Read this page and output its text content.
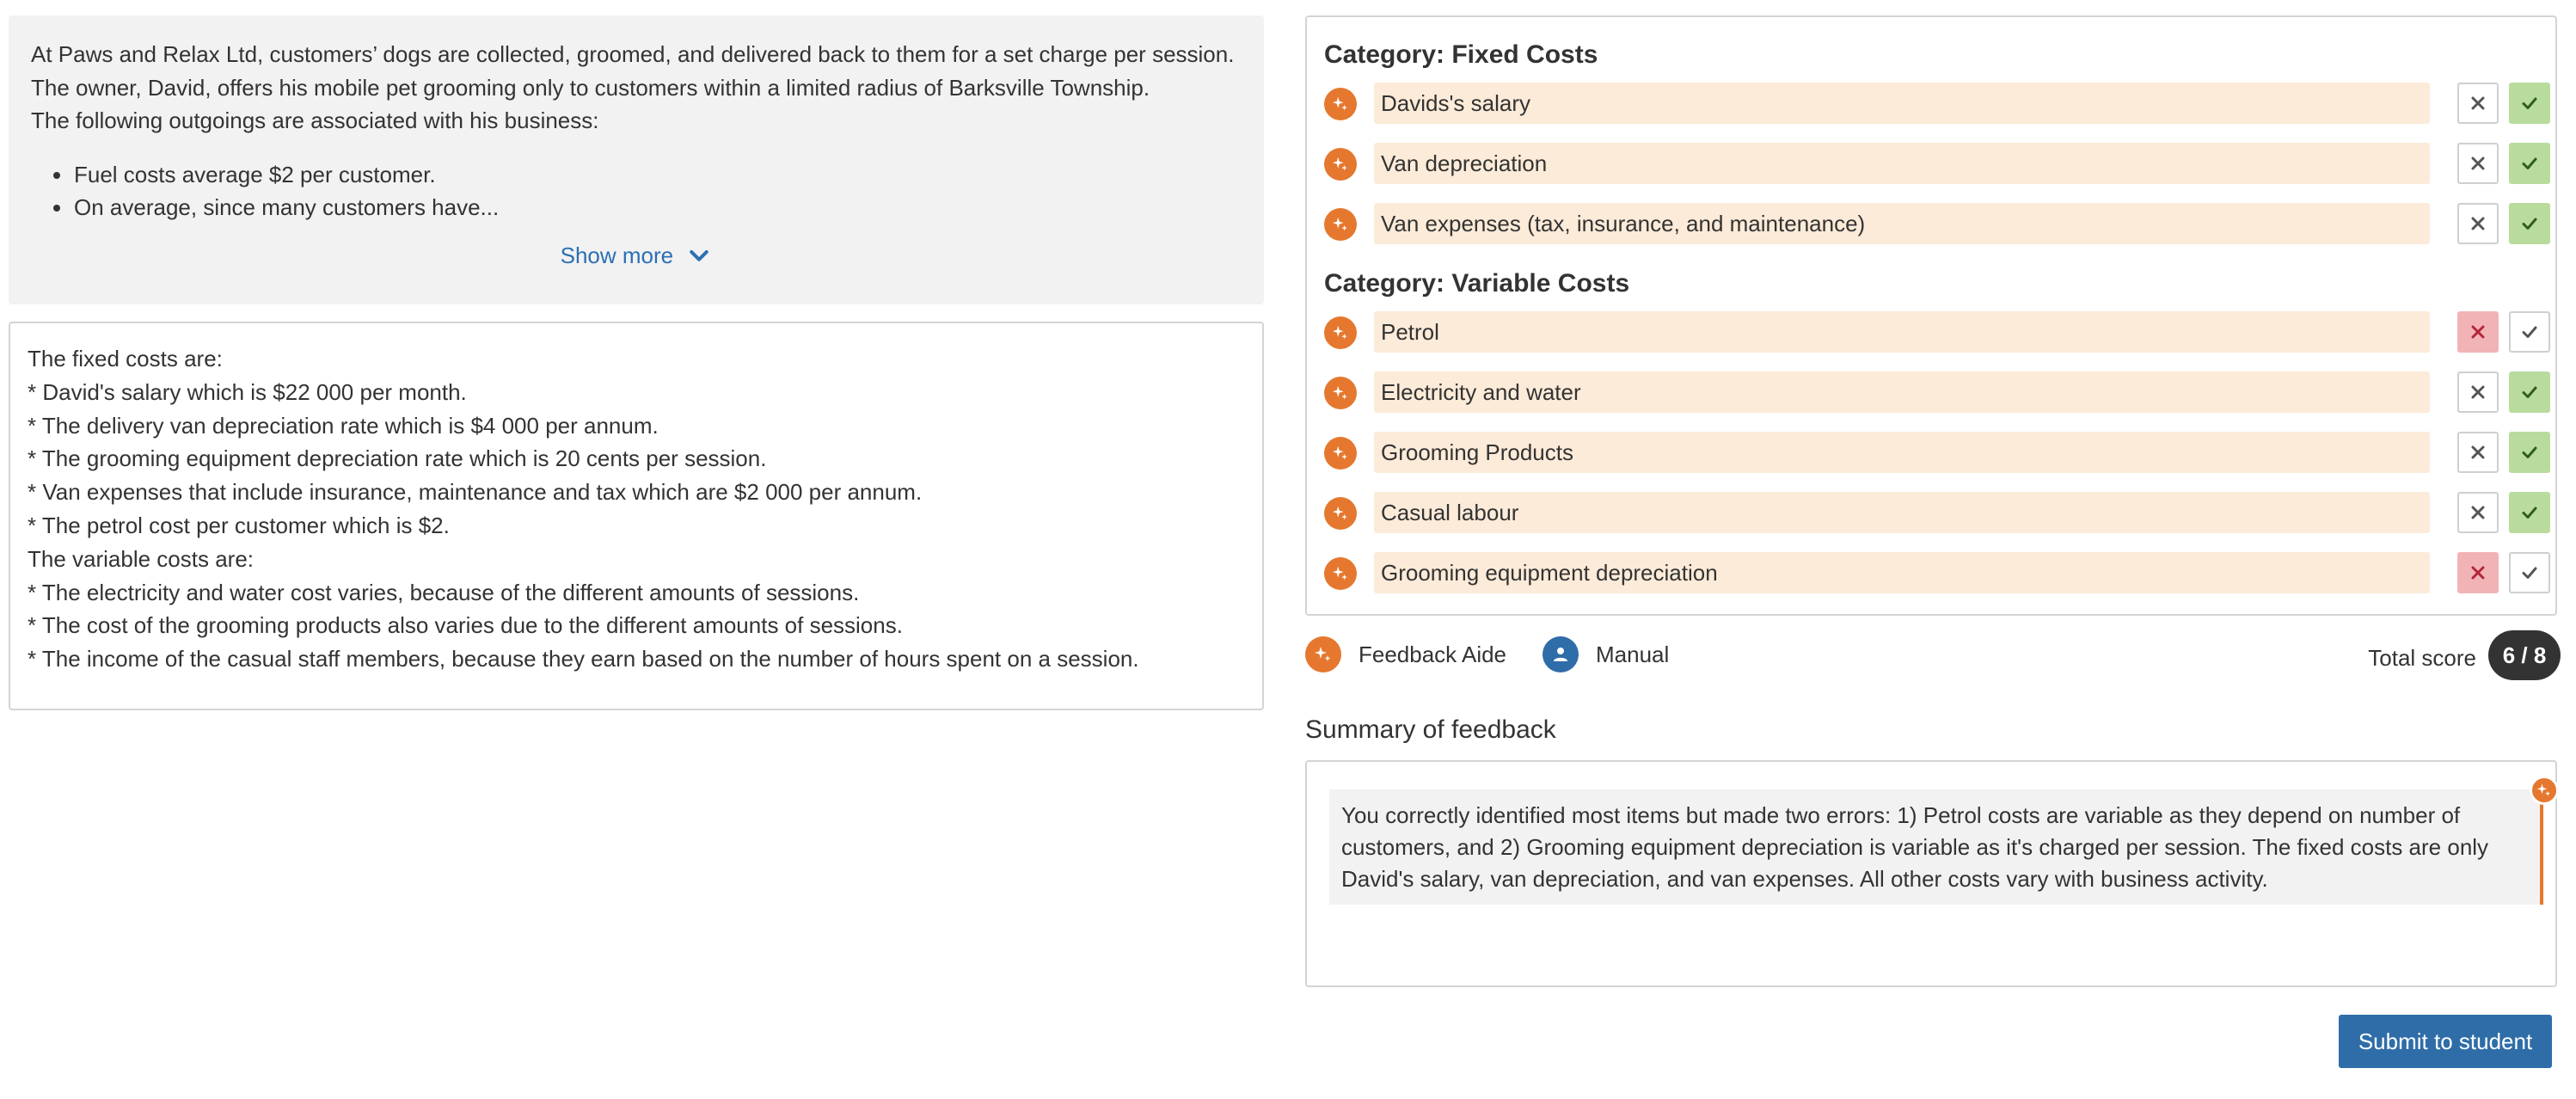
At Paws and Relax Ltd, customers’ dogs are collected, groomed, and delivered back to them for a set charge per session.

The owner, David, offers his mobile pet grooming only to customers within a limited radius of Barksville Township.

The following outgoings are associated with his business:

Fuel costs average $2 per customer.
On average, since many customers have...
Show more
The fixed costs are:
* David's salary which is $22 000 per month.
* The delivery van depreciation rate which is $4 000 per annum.
* The grooming equipment depreciation rate which is 20 cents per session.
* Van expenses that include insurance, maintenance and tax which are $2 000 per annum.
* The petrol cost per customer which is $2.
The variable costs are:
* The electricity and water cost varies, because of the different amounts of sessions.
* The cost of the grooming products also varies due to the different amounts of sessions.
* The income of the casual staff members, because they earn based on the number of hours spent on a session.
Category: Fixed Costs
Davids's salary
Van depreciation
Van expenses (tax, insurance, and maintenance)
Category: Variable Costs
Petrol
Electricity and water
Grooming Products
Casual labour
Grooming equipment depreciation
Feedback Aide	Manual	Total score	6 / 8
Summary of feedback
You correctly identified most items but made two errors: 1) Petrol costs are variable as they depend on number of customers, and 2) Grooming equipment depreciation is variable as it's charged per session. The fixed costs are only David's salary, van depreciation, and van expenses. All other costs vary with business activity.
Submit to student
